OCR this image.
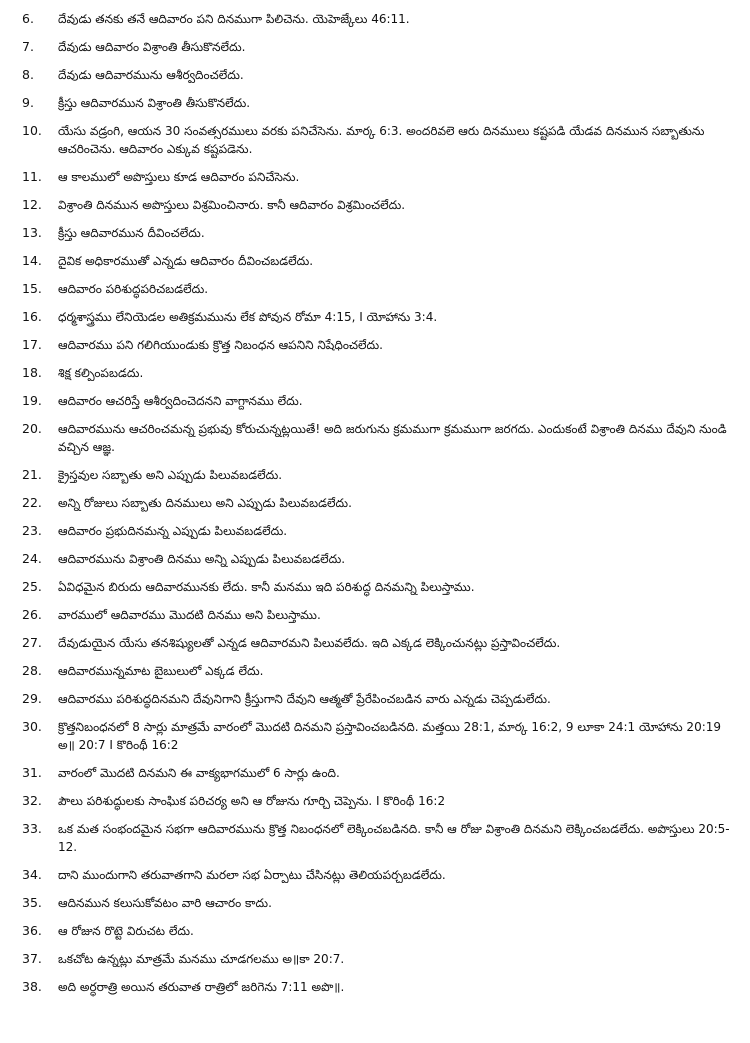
6.	దేవుడు తనకు తనే ఆదివారం పని దినముగా పిలిచెను. యెహెజ్కేలు 46:11.
7.	దేవుడు ఆదివారం విశ్రాంతి తీసుకొనలేదు.
8.	దేవుడు ఆదివారమును ఆశీర్వదించలేదు.
9.	క్రీస్తు ఆదివారమున విశ్రాంతి తీసుకొనలేదు.
10.	యేసు వడ్రంగి, ఆయన 30 సంవత్సరములు వరకు పనిచేసెను. మార్క 6:3. అందరివలె ఆరు దినములు కష్టపడి యేడవ దినమున సబ్బాతును ఆచరించెను. ఆదివారం ఎక్కువ కష్టపడెను.
11.	ఆ కాలములో అపొస్తులు కూడ ఆదివారం పనిచేసెను.
12.	విశ్రాంతి దినమున అపొస్తులు విశ్రమించినారు. కానీ ఆదివారం విశ్రమించలేదు.
13.	క్రీస్తు ఆదివారమున దీవించలేదు.
14.	దైవిక అధికారముతో ఎన్నడు ఆదివారం దీవించబడలేదు.
15.	ఆదివారం పరిశుద్ధపరిచబడలేదు.
16.	ధర్మశాస్త్రము లేనియెడల అతిక్రమమును లేక పోవున రోమా 4:15, I యోహాను 3:4.
17.	ఆదివారము పని గలిగియుండుకు క్రొత్త నిబంధన ఆపనిని నిషేధించలేదు.
18.	శిక్ష కల్పింపబడదు.
19.	ఆదివారం ఆచరిస్తే ఆశీర్వదించెదనని వాగ్దానము లేదు.
20.	ఆదివారమును ఆచరించమన్న ప్రభువు కోరుచున్నట్లయితే! అది జరుగును క్రమముగా క్రమముగా జరగదు. ఎందుకంటే విశ్రాంతి దినము దేవుని నుండి వచ్చిన ఆజ్ఞ.
21.	క్రైస్తవుల సబ్బాతు అని ఎప్పుడు పిలువబడలేదు.
22.	అన్ని రోజులు సబ్బాతు దినములు అని ఎప్పుడు పిలువబడలేదు.
23.	ఆదివారం ప్రభుదినమన్న ఎప్పుడు పిలువబడలేదు.
24.	ఆదివారమును విశ్రాంతి దినము అన్ని ఎప్పుడు పిలువబడలేదు.
25.	ఏవిధమైన బిరుదు ఆదివారమునకు లేదు. కానీ మనము ఇది పరిశుద్ధ దినమన్ని పిలుస్తాము.
26.	వారములో ఆదివారము మొదటి దినము అని పిలుస్తాము.
27.	దేవుడుయైన యేసు తనశిష్యులతో ఎన్నడ ఆదివారమని పిలువలేదు. ఇది ఎక్కడ లెక్కించునట్లు ప్రస్తావించలేదు.
28.	ఆదివారమున్నమాట బైబులులో ఎక్కడ లేదు.
29.	ఆదివారము పరిశుద్ధదినమని దేవునిగాని క్రీస్తుగాని దేవుని ఆత్మతో ప్రేరేపించబడిన వారు ఎన్నడు చెప్పడులేదు.
30.	క్రొత్తనిబంధనలో 8 సార్లు మాత్రమే వారంలో మొదటి దినమని ప్రస్తావించబడినది. మత్తయి 28:1, మార్క 16:2, 9 లూకా 24:1 యోహాను 20:19 అ॥ 20:7 I కొరింథీ 16:2
31.	వారంలో మొదటి దినమని ఈ వాక్యభాగములో 6 సార్లు ఉంది.
32.	పౌలు పరిశుద్ధులకు సాంఘిక పరిచర్య అని ఆ రోజును గూర్చి చెప్పెను. I కొరింథీ 16:2
33.	ఒక మత సంభందమైన సభగా ఆదివారమును క్రొత్త నిబంధనలో లెక్కించబడినది. కానీ ఆ రోజు విశ్రాంతి దినమని లెక్కించబడలేదు. అపొస్తులు 20:5-12.
34.	దాని ముందుగాని తరువాతగాని మరలా సభ ఏర్పాటు చేసినట్లు తెలియపర్చబడలేదు.
35.	ఆదినమున కలుసుకోవటం వారి ఆచారం కాదు.
36.	ఆ రోజున రొట్టె విరుచట లేదు.
37.	ఒకచోట ఉన్నట్లు మాత్రమే మనము చూడగలము అ॥కా 20:7.
38.	అది అర్ధరాత్రి అయిన తరువాత రాత్రిలో జరిగెను 7:11 అపొ॥.
